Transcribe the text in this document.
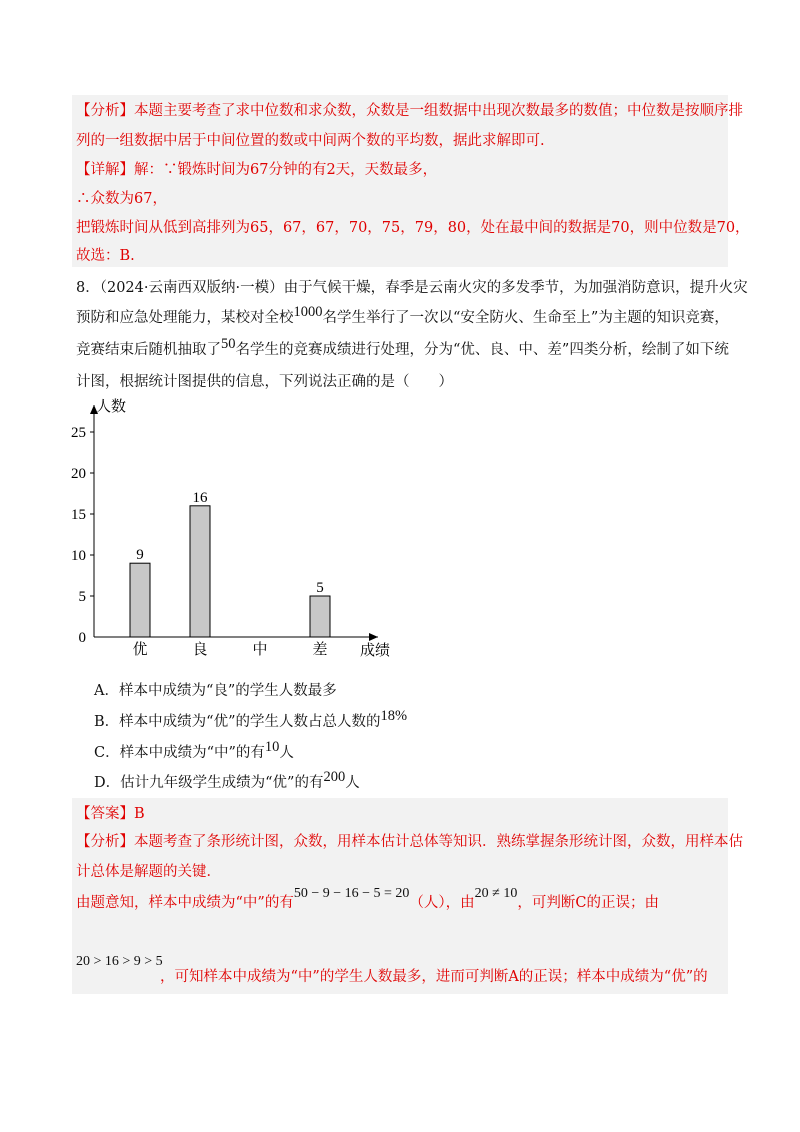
【分析】本题主要考查了求中位数和求众数，众数是一组数据中出现次数最多的数值；中位数是按顺序排
列的一组数据中居于中间位置的数或中间两个数的平均数，据此求解即可.
【详解】解：∵锻炼时间为67分钟的有2天，天数最多，
∴众数为67，
把锻炼时间从低到高排列为65，67，67，70，75，79，80，处在最中间的数据是70，则中位数是70，
故选：B.
8．（2024·云南西双版纳·一模）由于气候干燥，春季是云南火灾的多发季节，为加强消防意识，提升火灾
预防和应急处理能力，某校对全校1000名学生举行了一次以“安全防火、生命至上”为主题的知识竞赛，
竞赛结束后随机抽取了50名学生的竞赛成绩进行处理，分为“优、良、中、差”四类分析，绘制了如下统
计图，根据统计图提供的信息，下列说法正确的是（　　）
0
5
10
15
20
25
人数
成绩
优
9
良
16
中	差
5
A．样本中成绩为“良”的学生人数最多
B．样本中成绩为“优”的学生人数占总人数的18%
C．样本中成绩为“中”的有10人
D．估计九年级学生成绩为“优”的有200人
【答案】B
【分析】本题考查了条形统计图，众数，用样本估计总体等知识．熟练掌握条形统计图，众数，用样本估
计总体是解题的关键．
由题意知，样本中成绩为“中”的有50 − 9 − 16 − 5 = 20（人），由20 ≠ 10，可判断C的正误；由
20 > 16 > 9 > 5
，可知样本中成绩为“中”的学生人数最多，进而可判断A的正误；样本中成绩为“优”的
